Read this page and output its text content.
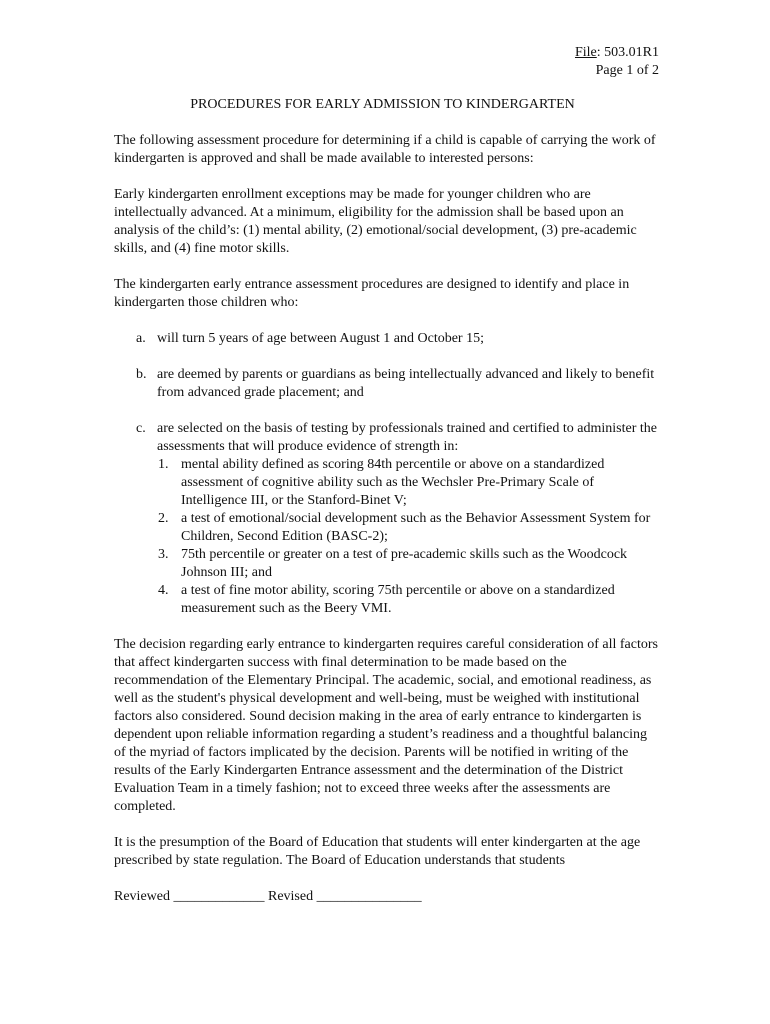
File: 503.01R1
Page 1 of 2
PROCEDURES FOR EARLY ADMISSION TO KINDERGARTEN

The following assessment procedure for determining if a child is capable of carrying the work of kindergarten is approved and shall be made available to interested persons:

Early kindergarten enrollment exceptions may be made for younger children who are intellectually advanced. At a minimum, eligibility for the admission shall be based upon an analysis of the child’s: (1) mental ability, (2) emotional/social development, (3) pre-academic skills, and (4) fine motor skills.

The kindergarten early entrance assessment procedures are designed to identify and place in kindergarten those children who:

a. will turn 5 years of age between August 1 and October 15;
b. are deemed by parents or guardians as being intellectually advanced and likely to benefit from advanced grade placement; and
c. are selected on the basis of testing by professionals trained and certified to administer the assessments that will produce evidence of strength in:
1. mental ability defined as scoring 84th percentile or above on a standardized assessment of cognitive ability such as the Wechsler Pre-Primary Scale of Intelligence III, or the Stanford-Binet V;
2. a test of emotional/social development such as the Behavior Assessment System for Children, Second Edition (BASC-2);
3. 75th percentile or greater on a test of pre-academic skills such as the Woodcock Johnson III; and
4. a test of fine motor ability, scoring 75th percentile or above on a standardized measurement such as the Beery VMI.

The decision regarding early entrance to kindergarten requires careful consideration of all factors that affect kindergarten success with final determination to be made based on the recommendation of the Elementary Principal. The academic, social, and emotional readiness, as well as the student's physical development and well-being, must be weighed with institutional factors also considered. Sound decision making in the area of early entrance to kindergarten is dependent upon reliable information regarding a student’s readiness and a thoughtful balancing of the myriad of factors implicated by the decision. Parents will be notified in writing of the results of the Early Kindergarten Entrance assessment and the determination of the District Evaluation Team in a timely fashion; not to exceed three weeks after the assessments are completed.

It is the presumption of the Board of Education that students will enter kindergarten at the age prescribed by state regulation. The Board of Education understands that students

Reviewed _____________ Revised _______________
